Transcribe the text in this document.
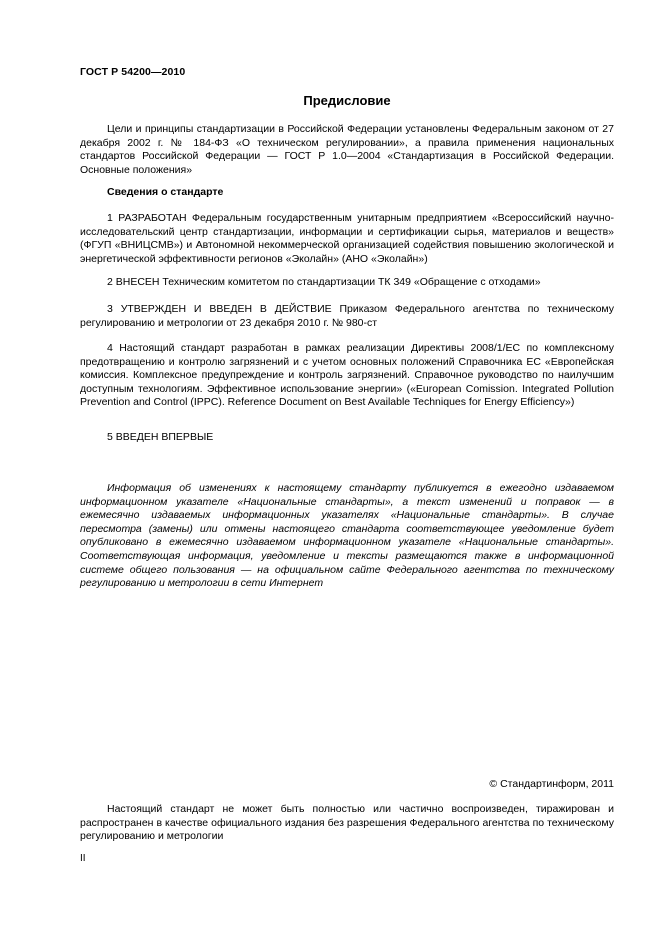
ГОСТ Р 54200—2010
Предисловие

Цели и принципы стандартизации в Российской Федерации установлены Федеральным законом от 27 декабря 2002 г. № 184-ФЗ «О техническом регулировании», а правила применения национальных стандартов Российской Федерации — ГОСТ Р 1.0—2004 «Стандартизация в Российской Федерации. Основные положения»

Сведения о стандарте

1 РАЗРАБОТАН Федеральным государственным унитарным предприятием «Всероссийский научно-исследовательский центр стандартизации, информации и сертификации сырья, материалов и веществ» (ФГУП «ВНИЦСМВ») и Автономной некоммерческой организацией содействия повышению экологической и энергетической эффективности регионов «Эколайн» (АНО «Эколайн»)

2 ВНЕСЕН Техническим комитетом по стандартизации ТК 349 «Обращение с отходами»

3 УТВЕРЖДЕН И ВВЕДЕН В ДЕЙСТВИЕ Приказом Федерального агентства по техническому регулированию и метрологии от 23 декабря 2010 г. № 980-ст

4 Настоящий стандарт разработан в рамках реализации Директивы 2008/1/ЕС по комплексному предотвращению и контролю загрязнений и с учетом основных положений Справочника ЕС «Европейская комиссия. Комплексное предупреждение и контроль загрязнений. Справочное руководство по наилучшим доступным технологиям. Эффективное использование энергии» («European Comission. Integrated Pollution Prevention and Control (IPPC). Reference Document on Best Available Techniques for Energy Efficiency»)

5 ВВЕДЕН ВПЕРВЫЕ

Информация об изменениях к настоящему стандарту публикуется в ежегодно издаваемом информационном указателе «Национальные стандарты», а текст изменений и поправок — в ежемесячно издаваемых информационных указателях «Национальные стандарты». В случае пересмотра (замены) или отмены настоящего стандарта соответствующее уведомление будет опубликовано в ежемесячно издаваемом информационном указателе «Национальные стандарты». Соответствующая информация, уведомление и тексты размещаются также в информационной системе общего пользования — на официальном сайте Федерального агентства по техническому регулированию и метрологии в сети Интернет

© Стандартинформ, 2011

Настоящий стандарт не может быть полностью или частично воспроизведен, тиражирован и распространен в качестве официального издания без разрешения Федерального агентства по техническому регулированию и метрологии

II
